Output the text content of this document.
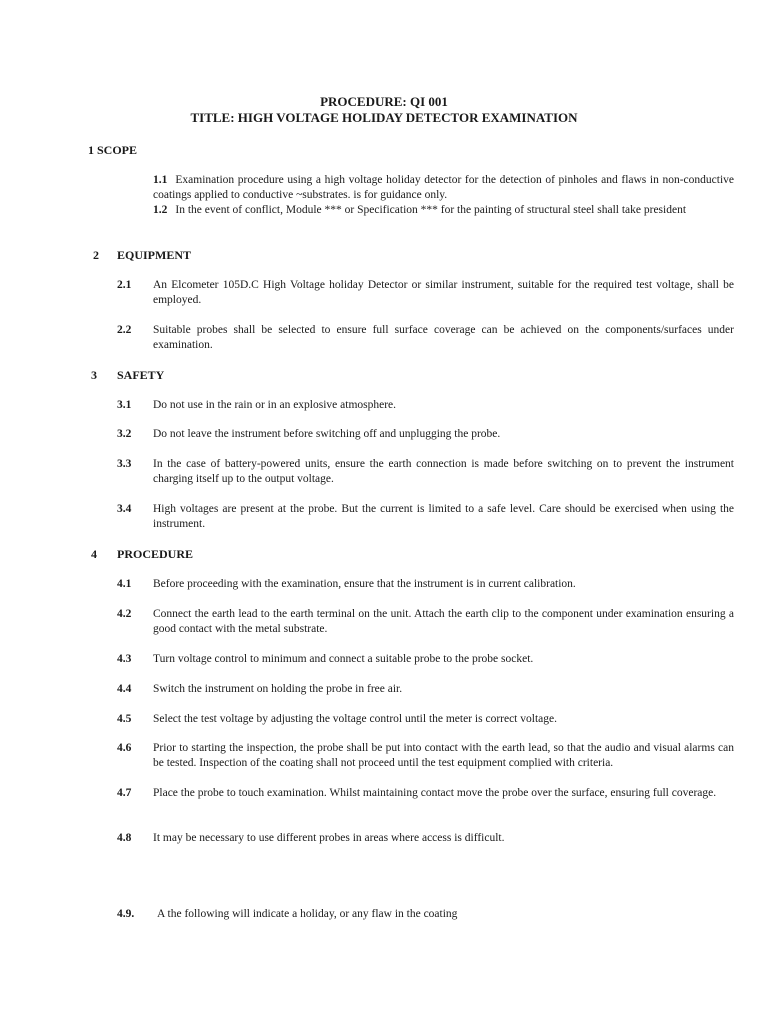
PROCEDURE: QI 001
TITLE: HIGH VOLTAGE HOLIDAY DETECTOR EXAMINATION
1 SCOPE
1.1 Examination procedure using a high voltage holiday detector for the detection of pinholes and flaws in non-conductive coatings applied to conductive ~substrates. is for guidance only.
1.2 In the event of conflict, Module *** or Specification *** for the painting of structural steel shall take president
2 EQUIPMENT
2.1 An Elcometer 105D.C High Voltage holiday Detector or similar instrument, suitable for the required test voltage, shall be employed.
2.2 Suitable probes shall be selected to ensure full surface coverage can be achieved on the components/surfaces under examination.
3 SAFETY
3.1 Do not use in the rain or in an explosive atmosphere.
3.2 Do not leave the instrument before switching off and unplugging the probe.
3.3 In the case of battery-powered units, ensure the earth connection is made before switching on to prevent the instrument charging itself up to the output voltage.
3.4 High voltages are present at the probe. But the current is limited to a safe level. Care should be exercised when using the instrument.
4 PROCEDURE
4.1 Before proceeding with the examination, ensure that the instrument is in current calibration.
4.2 Connect the earth lead to the earth terminal on the unit. Attach the earth clip to the component under examination ensuring a good contact with the metal substrate.
4.3 Turn voltage control to minimum and connect a suitable probe to the probe socket.
4.4 Switch the instrument on holding the probe in free air.
4.5 Select the test voltage by adjusting the voltage control until the meter is correct voltage.
4.6 Prior to starting the inspection, the probe shall be put into contact with the earth lead, so that the audio and visual alarms can be tested. Inspection of the coating shall not proceed until the test equipment complied with criteria.
4.7 Place the probe to touch examination. Whilst maintaining contact move the probe over the surface, ensuring full coverage.
4.8 It may be necessary to use different probes in areas where access is difficult.
4.9. A the following will indicate a holiday, or any flaw in the coating
